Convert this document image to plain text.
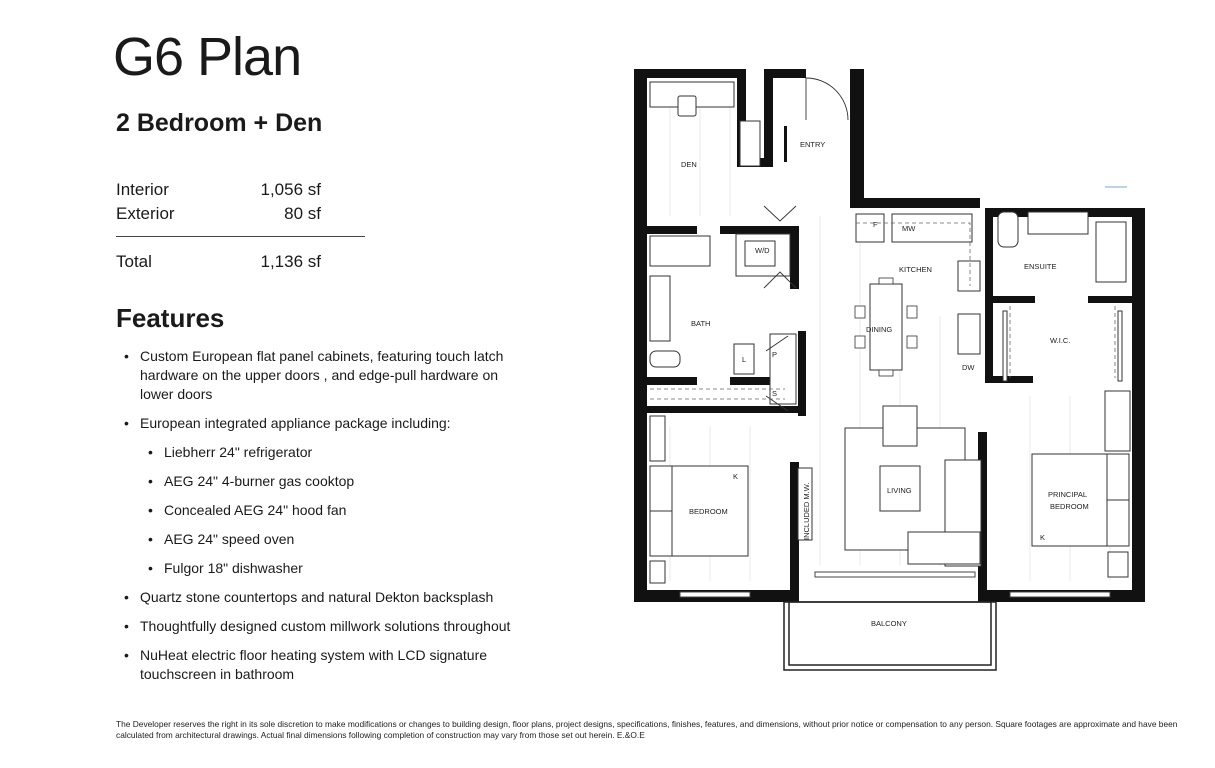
G6 Plan
2 Bedroom + Den
Interior	1,056 sf
Exterior	80 sf
Total	1,136 sf
Features
• Custom European flat panel cabinets, featuring touch latch hardware on the upper doors , and edge-pull hardware on lower doors
• European integrated appliance package including:
• Liebherr 24" refrigerator
• AEG 24" 4-burner gas cooktop
• Concealed AEG 24" hood fan
• AEG 24" speed oven
• Fulgor 18" dishwasher
• Quartz stone countertops and natural Dekton backsplash
• Thoughtfully designed custom millwork solutions throughout
• NuHeat electric floor heating system with LCD signature touchscreen in bathroom
DEN
ENTRY
W/D
BATH
L
P
S
F	MW
KITCHEN
DINING
DW
ENSUITE
W.I.C.
BEDROOM
LIVING
INCLUDED M.W.	PRINCIPAL
BEDROOM
K
K
BALCONY

The Developer reserves the right in its sole discretion to make modifications or changes to building design, floor plans, project designs, specifications, finishes, features, and dimensions, without prior notice or compensation to any person. Square footages are approximate and have been calculated from architectural drawings. Actual final dimensions following completion of construction may vary from those set out herein. E.&O.E
